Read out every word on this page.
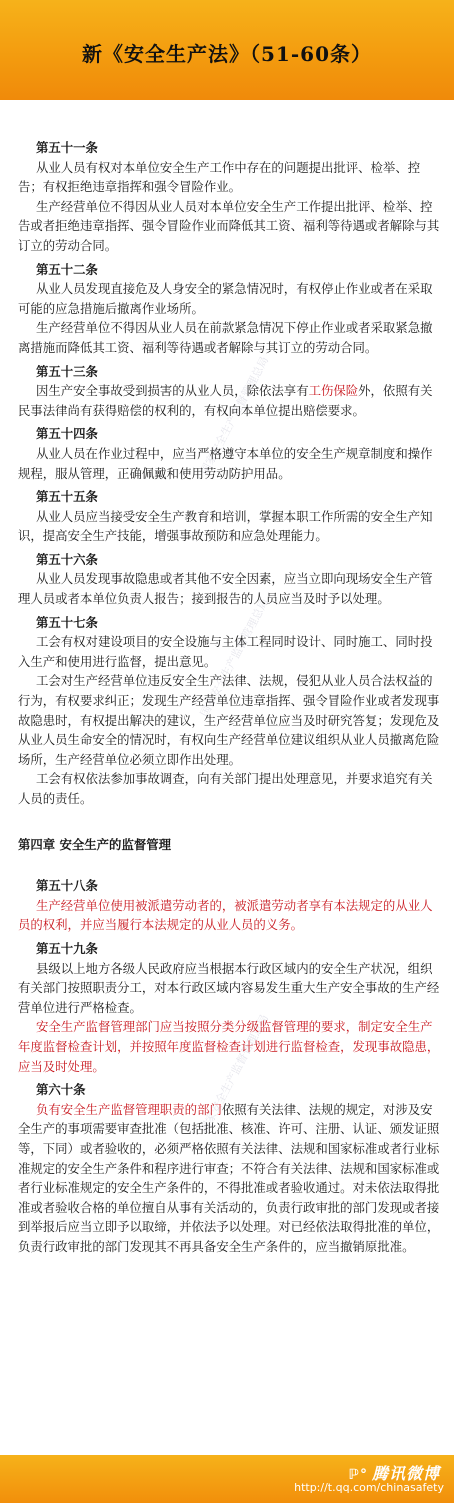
新《安全生产法》（51-60条）
国家安全生产监督管理总局
国家安全生产监督管理总局
国家安全生产监督管理总局

第五十一条

从业人员有权对本单位安全生产工作中存在的问题提出批评、检举、控告；有权拒绝违章指挥和强令冒险作业。

生产经营单位不得因从业人员对本单位安全生产工作提出批评、检举、控告或者拒绝违章指挥、强令冒险作业而降低其工资、福利等待遇或者解除与其订立的劳动合同。

第五十二条

从业人员发现直接危及人身安全的紧急情况时，有权停止作业或者在采取可能的应急措施后撤离作业场所。

生产经营单位不得因从业人员在前款紧急情况下停止作业或者采取紧急撤离措施而降低其工资、福利等待遇或者解除与其订立的劳动合同。

第五十三条

因生产安全事故受到损害的从业人员，除依法享有工伤保险外，依照有关民事法律尚有获得赔偿的权利的，有权向本单位提出赔偿要求。

第五十四条

从业人员在作业过程中，应当严格遵守本单位的安全生产规章制度和操作规程，服从管理，正确佩戴和使用劳动防护用品。

第五十五条

从业人员应当接受安全生产教育和培训，掌握本职工作所需的安全生产知识，提高安全生产技能，增强事故预防和应急处理能力。

第五十六条

从业人员发现事故隐患或者其他不安全因素，应当立即向现场安全生产管理人员或者本单位负责人报告；接到报告的人员应当及时予以处理。

第五十七条

工会有权对建设项目的安全设施与主体工程同时设计、同时施工、同时投入生产和使用进行监督，提出意见。

工会对生产经营单位违反安全生产法律、法规，侵犯从业人员合法权益的行为，有权要求纠正；发现生产经营单位违章指挥、强令冒险作业或者发现事故隐患时，有权提出解决的建议，生产经营单位应当及时研究答复；发现危及从业人员生命安全的情况时，有权向生产经营单位建议组织从业人员撤离危险场所，生产经营单位必须立即作出处理。

工会有权依法参加事故调查，向有关部门提出处理意见，并要求追究有关人员的责任。

第四章 安全生产的监督管理

第五十八条

生产经营单位使用被派遣劳动者的，被派遣劳动者享有本法规定的从业人员的权利，并应当履行本法规定的从业人员的义务。

第五十九条

县级以上地方各级人民政府应当根据本行政区域内的安全生产状况，组织有关部门按照职责分工，对本行政区域内容易发生重大生产安全事故的生产经营单位进行严格检查。

安全生产监督管理部门应当按照分类分级监督管理的要求，制定安全生产年度监督检查计划，并按照年度监督检查计划进行监督检查，发现事故隐患，应当及时处理。

第六十条

负有安全生产监督管理职责的部门依照有关法律、法规的规定，对涉及安全生产的事项需要审查批准（包括批准、核准、许可、注册、认证、颁发证照等，下同）或者验收的，必须严格依照有关法律、法规和国家标准或者行业标准规定的安全生产条件和程序进行审查；不符合有关法律、法规和国家标准或者行业标准规定的安全生产条件的，不得批准或者验收通过。对未依法取得批准或者验收合格的单位擅自从事有关活动的，负责行政审批的部门发现或者接到举报后应当立即予以取缔，并依法予以处理。对已经依法取得批准的单位，负责行政审批的部门发现其不再具备安全生产条件的，应当撤销原批准。

ℙ° 腾讯微博
http://t.qq.com/chinasafety
